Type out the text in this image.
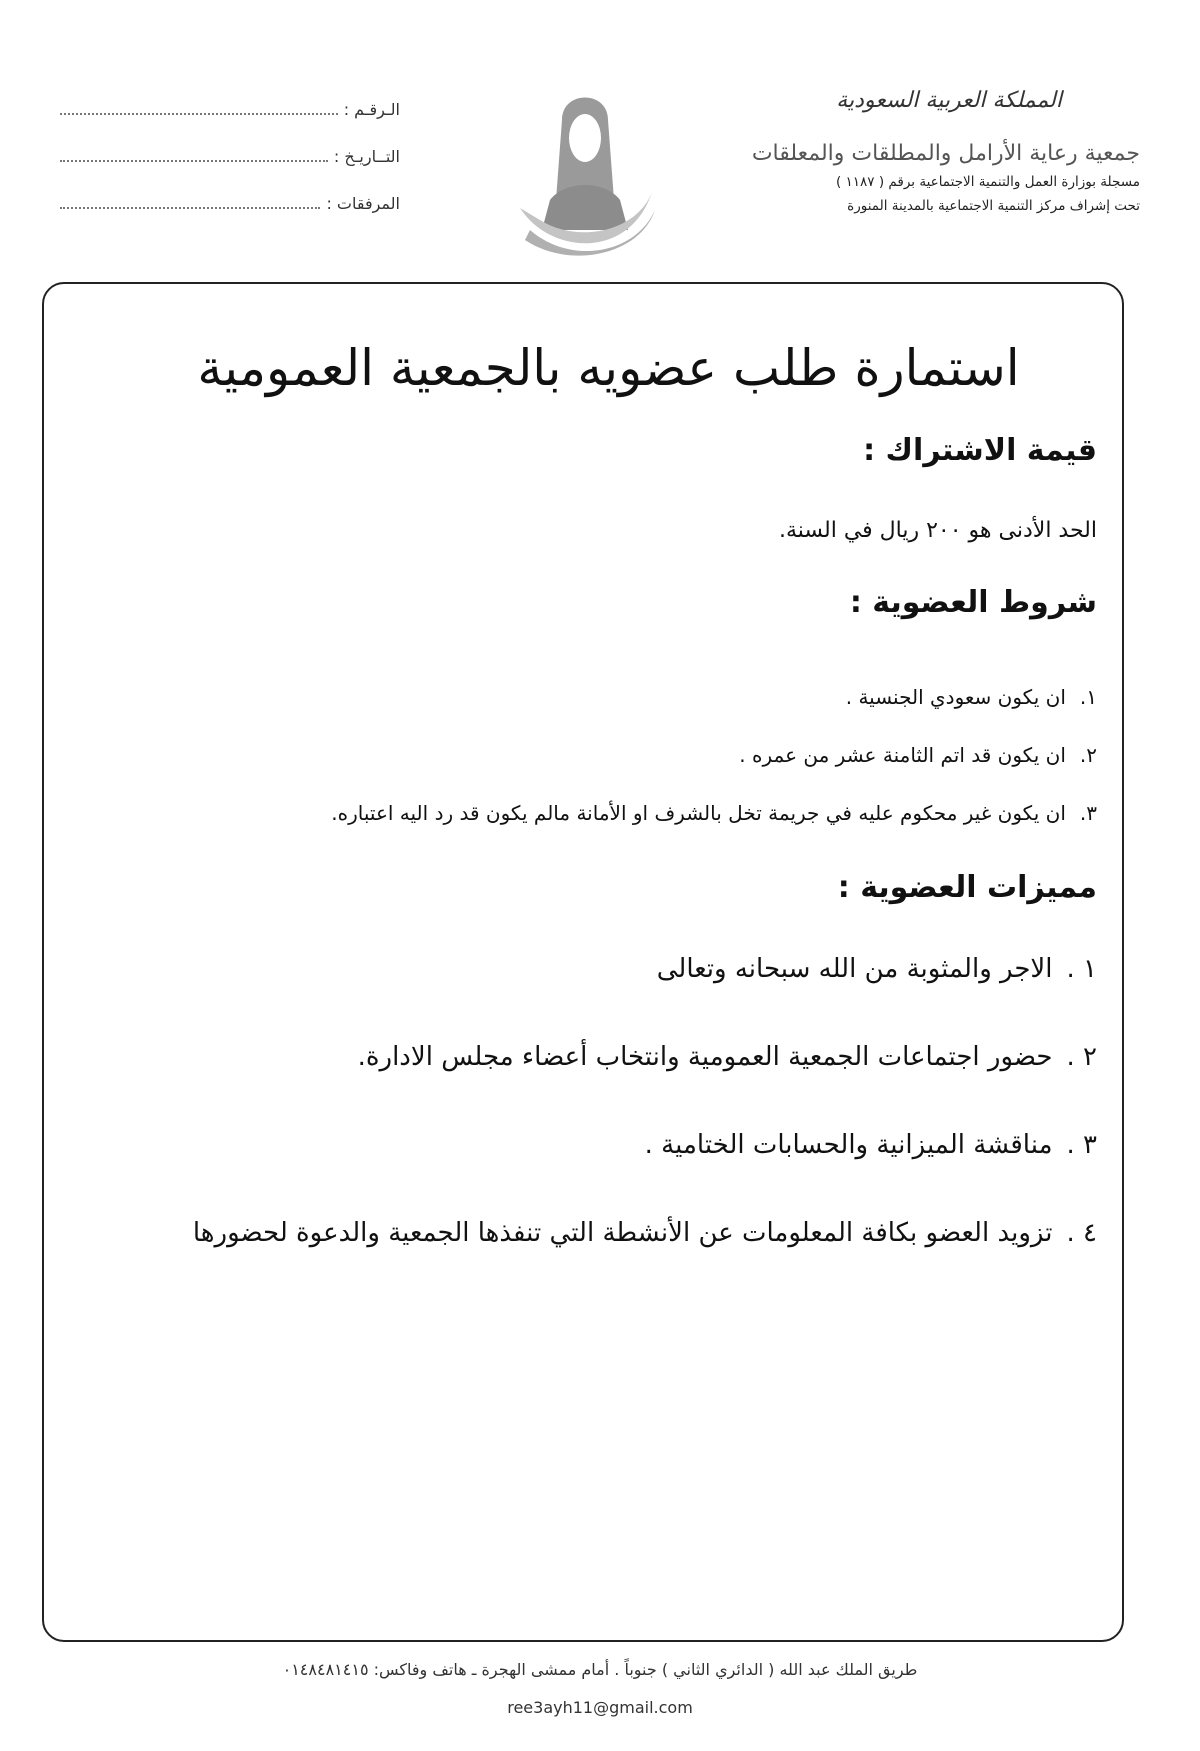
المملكة العربية السعودية
جمعية رعاية الأرامل والمطلقات والمعلقات
مسجلة بوزارة العمل والتنمية الاجتماعية برقم ( ١١٨٧ )
تحت إشراف مركز التنمية الاجتماعية بالمدينة المنورة
الـرقـم :
التــاريـخ :
المرفقات :
استمارة طلب عضويه بالجمعية العمومية
قيمة الاشتراك :
الحد الأدنى هو ٢٠٠ ريال في السنة.
شروط العضوية :
١.ان يكون سعودي الجنسية .
٢.ان يكون قد اتم الثامنة عشر من عمره .
٣.ان يكون غير محكوم عليه في جريمة تخل بالشرف او الأمانة مالم يكون قد رد اليه اعتباره.
مميزات العضوية :
١ .الاجر والمثوبة من الله سبحانه وتعالى
٢ .حضور اجتماعات الجمعية العمومية وانتخاب أعضاء مجلس الادارة.
٣ .مناقشة الميزانية والحسابات الختامية .
٤ .تزويد العضو بكافة المعلومات عن الأنشطة التي تنفذها الجمعية والدعوة لحضورها
طريق الملك عبد الله ( الدائري الثاني ) جنوباً . أمام ممشى الهجرة ـ هاتف وفاكس: ٠١٤٨٤٨١٤١٥
ree3ayh11@gmail.com
